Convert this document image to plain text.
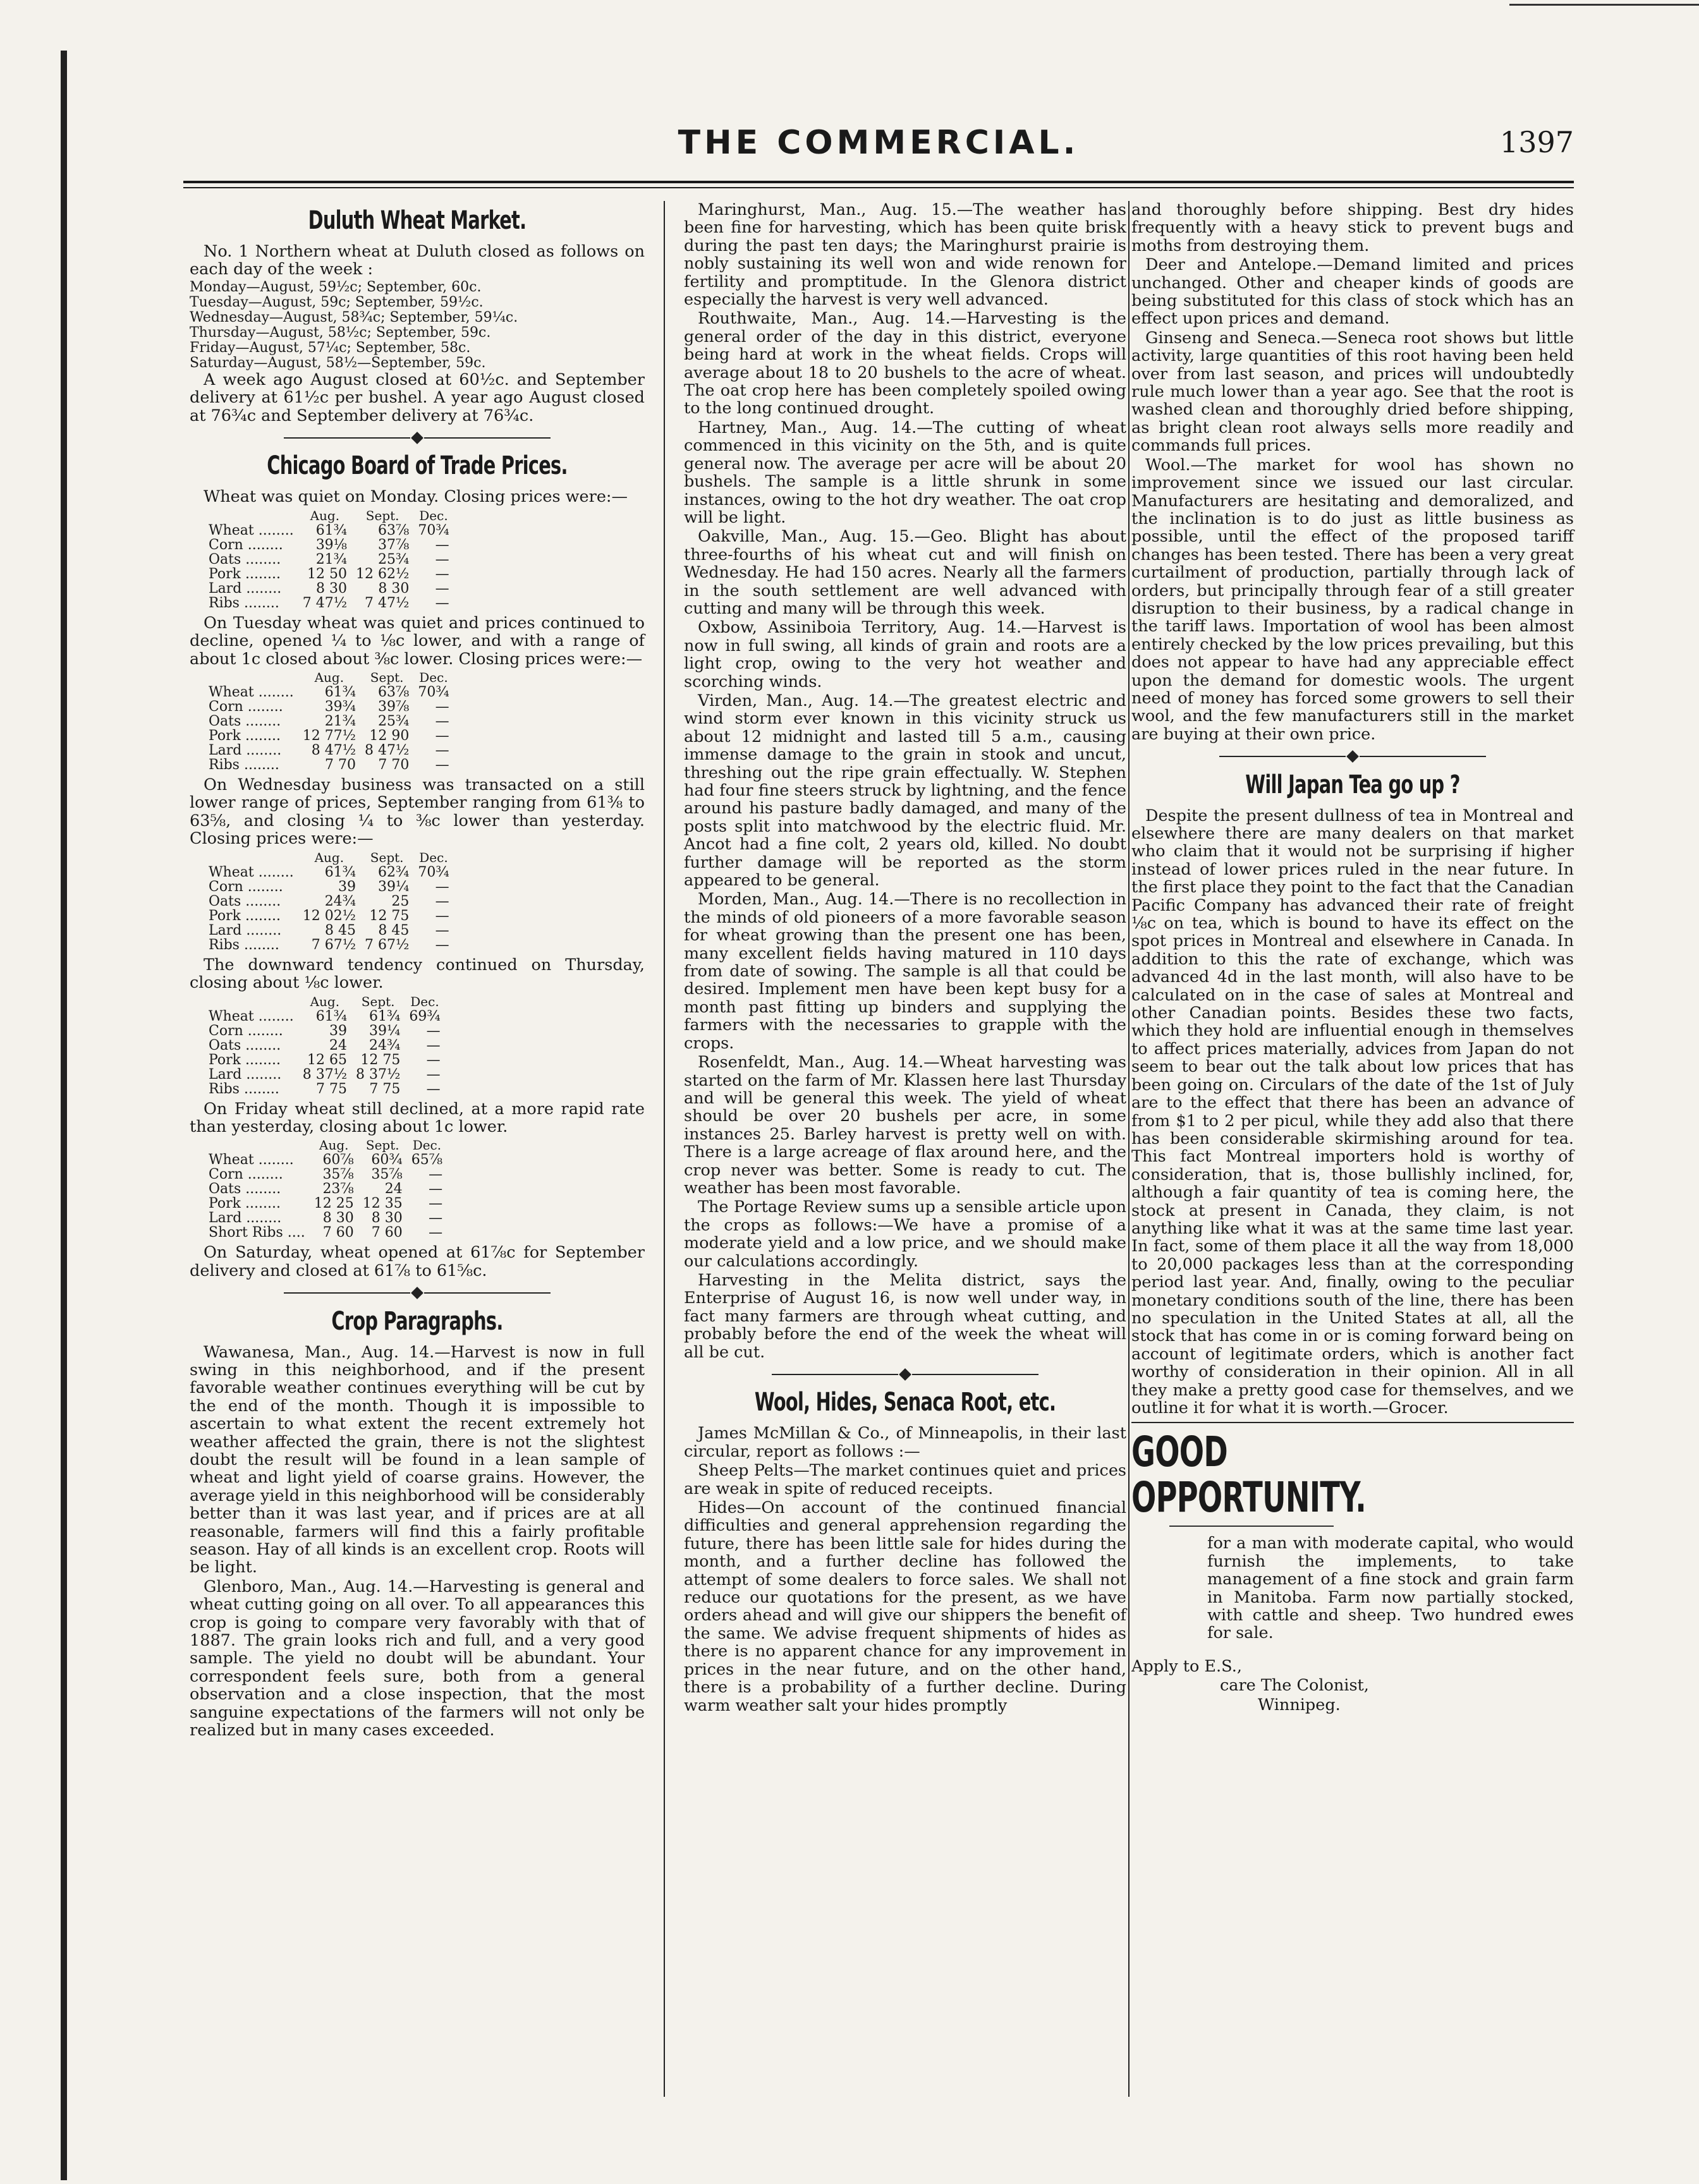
THE COMMERCIAL.	1397
Duluth Wheat Market.

No. 1 Northern wheat at Duluth closed as follows on each day of the week :

Monday—August, 59½c; September, 60c.
Tuesday—August, 59c; September, 59½c.
Wednesday—August, 58¾c; September, 59¼c.
Thursday—August, 58½c; September, 59c.
Friday—August, 57¼c; September, 58c.
Saturday—August, 58½—September, 59c.

A week ago August closed at 60½c. and September delivery at 61½c per bushel. A year ago August closed at 76¾c and September delivery at 76¾c.

Chicago Board of Trade Prices.

Wheat was quiet on Monday. Closing prices were:—

	Aug.	Sept.	Dec.
Wheat ........	61¾	63⅞	70¾
Corn ........	39⅛	37⅞	—
Oats ........	21¾	25¾	—
Pork ........	12 50	12 62½	—
Lard ........	8 30	8 30	—
Ribs ........	7 47½	7 47½	—

On Tuesday wheat was quiet and prices continued to decline, opened ¼ to ⅛c lower, and with a range of about 1c closed about ⅜c lower. Closing prices were:—

	Aug.	Sept.	Dec.
Wheat ........	61¾	63⅞	70¾
Corn ........	39¾	39⅞	—
Oats ........	21¾	25¾	—
Pork ........	12 77½	12 90	—
Lard ........	8 47½	8 47½	—
Ribs ........	7 70	7 70	—

On Wednesday business was transacted on a still lower range of prices, September ranging from 61⅜ to 63⅝, and closing ¼ to ⅜c lower than yesterday. Closing prices were:—

	Aug.	Sept.	Dec.
Wheat ........	61¾	62¾	70¾
Corn ........	39	39¼	—
Oats ........	24¾	25	—
Pork ........	12 02½	12 75	—
Lard ........	8 45	8 45	—
Ribs ........	7 67½	7 67½	—

The downward tendency continued on Thursday, closing about ⅛c lower.

	Aug.	Sept.	Dec.
Wheat ........	61¾	61¾	69¾
Corn ........	39	39¼	—
Oats ........	24	24¾	—
Pork ........	12 65	12 75	—
Lard ........	8 37½	8 37½	—
Ribs ........	7 75	7 75	—

On Friday wheat still declined, at a more rapid rate than yesterday, closing about 1c lower.

	Aug.	Sept.	Dec.
Wheat ........	60⅞	60¾	65⅞
Corn ........	35⅞	35⅞	—
Oats ........	23⅞	24	—
Pork ........	12 25	12 35	—
Lard ........	8 30	8 30	—
Short Ribs ....	7 60	7 60	—

On Saturday, wheat opened at 61⅞c for September delivery and closed at 61⅞ to 61⅝c.

Crop Paragraphs.

Wawanesa, Man., Aug. 14.—Harvest is now in full swing in this neighborhood, and if the present favorable weather continues everything will be cut by the end of the month. Though it is impossible to ascertain to what extent the recent extremely hot weather affected the grain, there is not the slightest doubt the result will be found in a lean sample of wheat and light yield of coarse grains. However, the average yield in this neighborhood will be considerably better than it was last year, and if prices are at all reasonable, farmers will find this a fairly profitable season. Hay of all kinds is an excellent crop. Roots will be light.

Glenboro, Man., Aug. 14.—Harvesting is general and wheat cutting going on all over. To all appearances this crop is going to compare very favorably with that of 1887. The grain looks rich and full, and a very good sample. The yield no doubt will be abundant. Your correspondent feels sure, both from a general observation and a close inspection, that the most sanguine expectations of the farmers will not only be realized but in many cases exceeded.

Maringhurst, Man., Aug. 15.—The weather has been fine for harvesting, which has been quite brisk during the past ten days; the Maringhurst prairie is nobly sustaining its well won and wide renown for fertility and promptitude. In the Glenora district especially the harvest is very well advanced.

Routhwaite, Man., Aug. 14.—Harvesting is the general order of the day in this district, everyone being hard at work in the wheat fields. Crops will average about 18 to 20 bushels to the acre of wheat. The oat crop here has been completely spoiled owing to the long continued drought.

Hartney, Man., Aug. 14.—The cutting of wheat commenced in this vicinity on the 5th, and is quite general now. The average per acre will be about 20 bushels. The sample is a little shrunk in some instances, owing to the hot dry weather. The oat crop will be light.

Oakville, Man., Aug. 15.—Geo. Blight has about three-fourths of his wheat cut and will finish on Wednesday. He had 150 acres. Nearly all the farmers in the south settlement are well advanced with cutting and many will be through this week.

Oxbow, Assiniboia Territory, Aug. 14.—Harvest is now in full swing, all kinds of grain and roots are a light crop, owing to the very hot weather and scorching winds.

Virden, Man., Aug. 14.—The greatest electric and wind storm ever known in this vicinity struck us about 12 midnight and lasted till 5 a.m., causing immense damage to the grain in stook and uncut, threshing out the ripe grain effectually. W. Stephen had four fine steers struck by lightning, and the fence around his pasture badly damaged, and many of the posts split into matchwood by the electric fluid. Mr. Ancot had a fine colt, 2 years old, killed. No doubt further damage will be reported as the storm appeared to be general.

Morden, Man., Aug. 14.—There is no recollection in the minds of old pioneers of a more favorable season for wheat growing than the present one has been, many excellent fields having matured in 110 days from date of sowing. The sample is all that could be desired. Implement men have been kept busy for a month past fitting up binders and supplying the farmers with the necessaries to grapple with the crops.

Rosenfeldt, Man., Aug. 14.—Wheat harvesting was started on the farm of Mr. Klassen here last Thursday and will be general this week. The yield of wheat should be over 20 bushels per acre, in some instances 25. Barley harvest is pretty well on with. There is a large acreage of flax around here, and the crop never was better. Some is ready to cut. The weather has been most favorable.

The Portage Review sums up a sensible article upon the crops as follows:—We have a promise of a moderate yield and a low price, and we should make our calculations accordingly.

Harvesting in the Melita district, says the Enterprise of August 16, is now well under way, in fact many farmers are through wheat cutting, and probably before the end of the week the wheat will all be cut.

Wool, Hides, Senaca Root, etc.

James McMillan & Co., of Minneapolis, in their last circular, report as follows :—

Sheep Pelts—The market continues quiet and prices are weak in spite of reduced receipts.

Hides—On account of the continued financial difficulties and general apprehension regarding the future, there has been little sale for hides during the month, and a further decline has followed the attempt of some dealers to force sales. We shall not reduce our quotations for the present, as we have orders ahead and will give our shippers the benefit of the same. We advise frequent shipments of hides as there is no apparent chance for any improvement in prices in the near future, and on the other hand, there is a probability of a further decline. During warm weather salt your hides promptly

and thoroughly before shipping. Best dry hides frequently with a heavy stick to prevent bugs and moths from destroying them.

Deer and Antelope.—Demand limited and prices unchanged. Other and cheaper kinds of goods are being substituted for this class of stock which has an effect upon prices and demand.

Ginseng and Seneca.—Seneca root shows but little activity, large quantities of this root having been held over from last season, and prices will undoubtedly rule much lower than a year ago. See that the root is washed clean and thoroughly dried before shipping, as bright clean root always sells more readily and commands full prices.

Wool.—The market for wool has shown no improvement since we issued our last circular. Manufacturers are hesitating and demoralized, and the inclination is to do just as little business as possible, until the effect of the proposed tariff changes has been tested. There has been a very great curtailment of production, partially through lack of orders, but principally through fear of a still greater disruption to their business, by a radical change in the tariff laws. Importation of wool has been almost entirely checked by the low prices prevailing, but this does not appear to have had any appreciable effect upon the demand for domestic wools. The urgent need of money has forced some growers to sell their wool, and the few manufacturers still in the market are buying at their own price.

Will Japan Tea go up ?

Despite the present dullness of tea in Montreal and elsewhere there are many dealers on that market who claim that it would not be surprising if higher instead of lower prices ruled in the near future. In the first place they point to the fact that the Canadian Pacific Company has advanced their rate of freight ⅛c on tea, which is bound to have its effect on the spot prices in Montreal and elsewhere in Canada. In addition to this the rate of exchange, which was advanced 4d in the last month, will also have to be calculated on in the case of sales at Montreal and other Canadian points. Besides these two facts, which they hold are influential enough in themselves to affect prices materially, advices from Japan do not seem to bear out the talk about low prices that has been going on. Circulars of the date of the 1st of July are to the effect that there has been an advance of from $1 to 2 per picul, while they add also that there has been considerable skirmishing around for tea. This fact Montreal importers hold is worthy of consideration, that is, those bullishly inclined, for, although a fair quantity of tea is coming here, the stock at present in Canada, they claim, is not anything like what it was at the same time last year. In fact, some of them place it all the way from 18,000 to 20,000 packages less than at the corresponding period last year. And, finally, owing to the peculiar monetary conditions south of the line, there has been no speculation in the United States at all, all the stock that has come in or is coming forward being on account of legitimate orders, which is another fact worthy of consideration in their opinion. All in all they make a pretty good case for themselves, and we outline it for what it is worth.—Grocer.

GOOD OPPORTUNITY.

for a man with moderate capital, who would furnish the implements, to take management of a fine stock and grain farm in Manitoba. Farm now partially stocked, with cattle and sheep. Two hundred ewes for sale.

Apply to E.S.,

care The Colonist,

Winnipeg.
